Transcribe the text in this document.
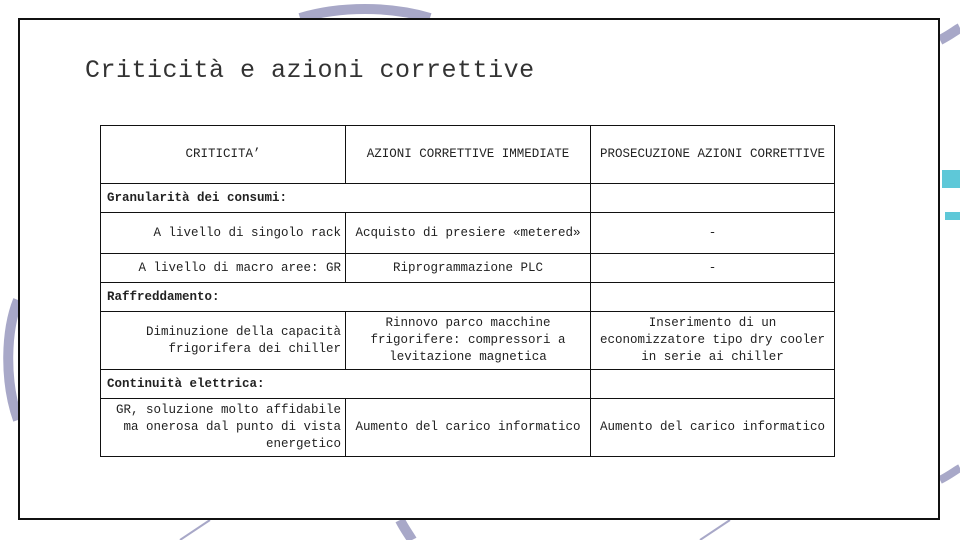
Criticità e azioni correttive
CRITICITA’	AZIONI CORRETTIVE IMMEDIATE	PROSECUZIONE AZIONI CORRETTIVE
Granularità dei consumi:		
A livello di singolo rack	Acquisto di presiere «metered»	-
A livello di macro aree: GR	Riprogrammazione PLC	-
Raffreddamento:		
Diminuzione della capacità frigorifera dei chiller	Rinnovo parco macchine frigorifere: compressori a levitazione magnetica	Inserimento di un economizzatore tipo dry cooler in serie ai chiller
Continuità elettrica:		
GR, soluzione molto affidabile ma onerosa dal punto di vista energetico	Aumento del carico informatico	Aumento del carico informatico
